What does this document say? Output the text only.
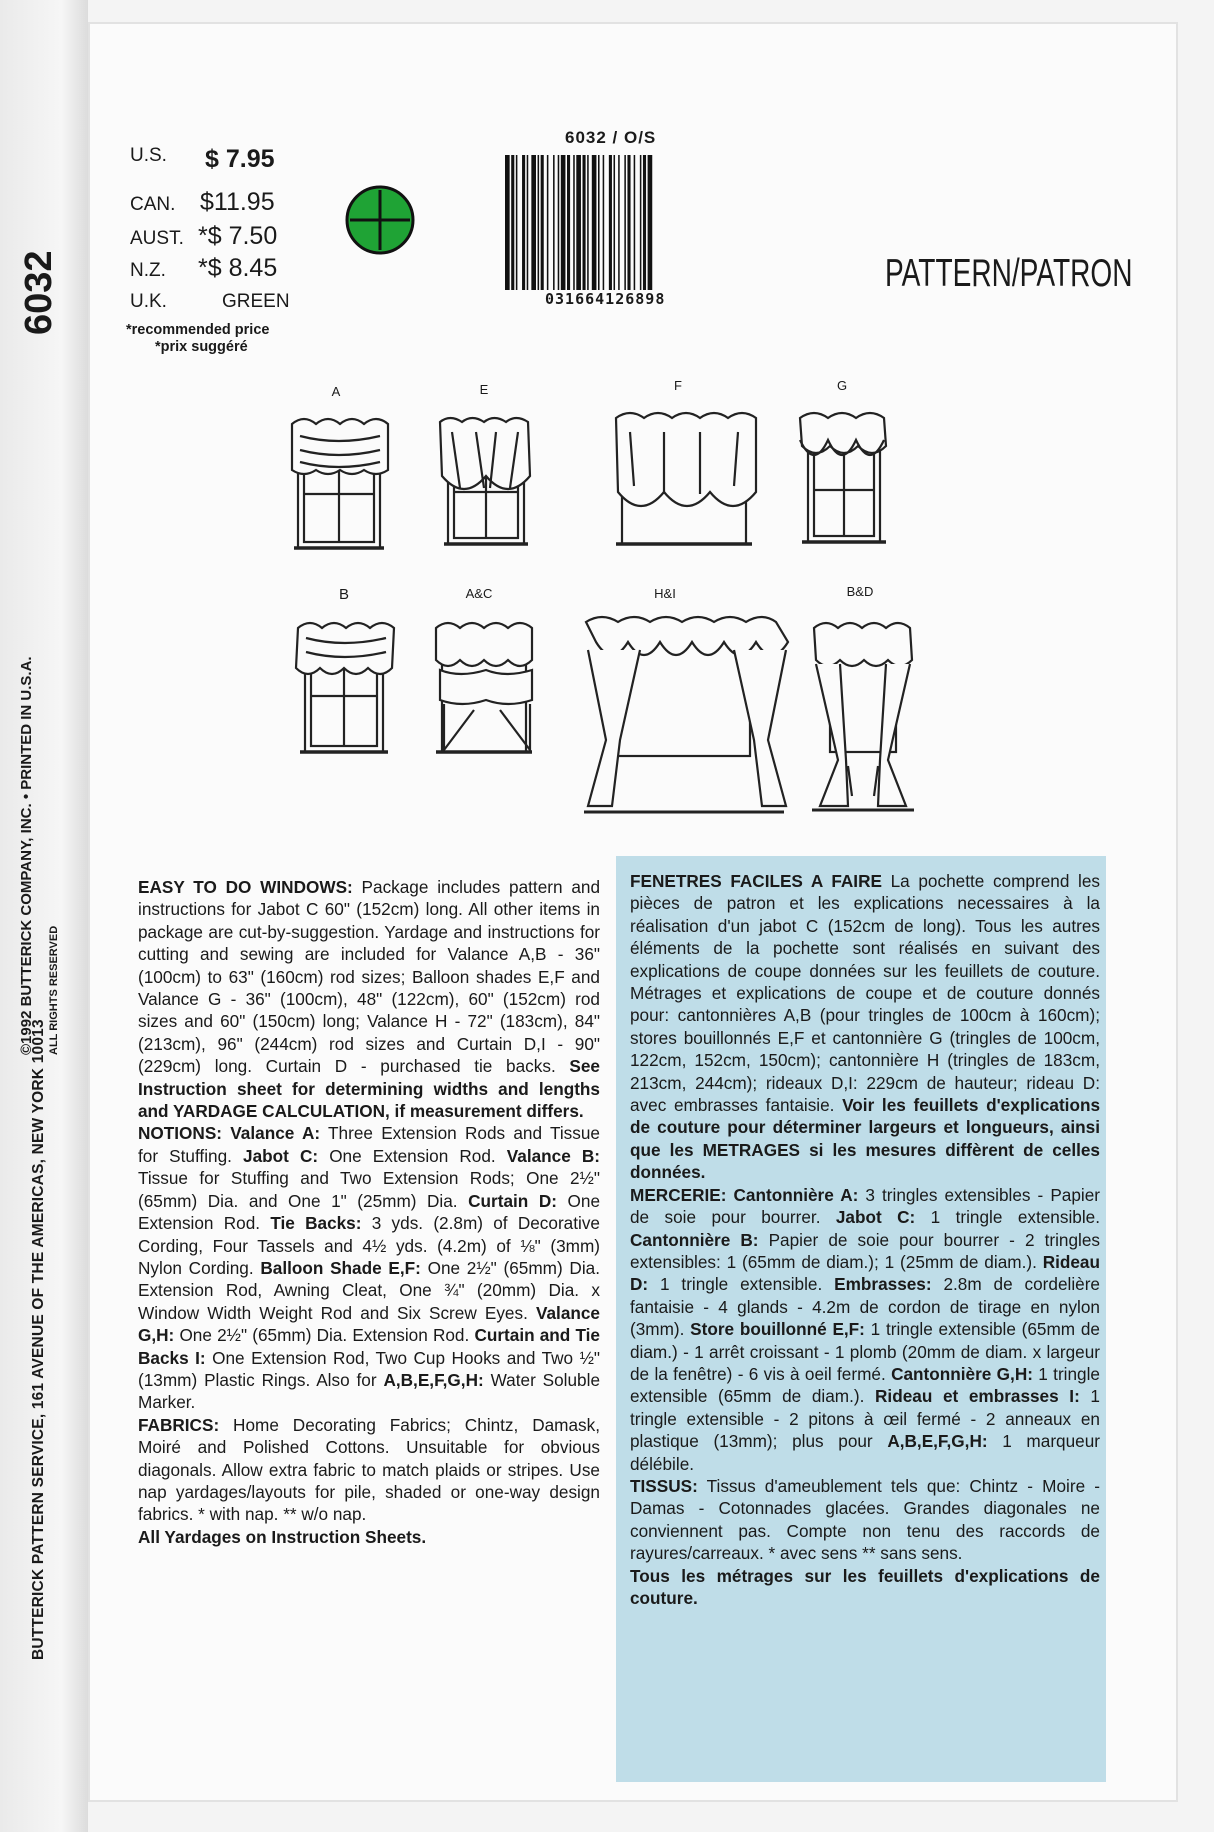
6032
©1992 BUTTERICK COMPANY, INC. • PRINTED IN U.S.A. ALL RIGHTS RESERVED
BUTTERICK PATTERN SERVICE, 161 AVENUE OF THE AMERICAS, NEW YORK 10013
U.S.	$ 7.95
CAN. $11.95
AUST. *$ 7.50
N.Z.	*$ 8.45
U.K.	GREEN
*recommended price
*prix suggéré
6032 / O/S
031664126898
PATTERN/PATRON
A	E	F	G
B	A&C	H&I	B&D
EASY TO DO WINDOWS: Package includes pattern and instructions for Jabot C 60" (152cm) long. All other items in package are cut-by-suggestion. Yardage and instructions for cutting and sewing are included for Valance A,B - 36" (100cm) to 63" (160cm) rod sizes; Balloon shades E,F and Valance G - 36" (100cm), 48" (122cm), 60" (152cm) rod sizes and 60" (150cm) long; Valance H - 72" (183cm), 84" (213cm), 96" (244cm) rod sizes and Curtain D,I - 90" (229cm) long. Curtain D - purchased tie backs. See Instruction sheet for determining widths and lengths and YARDAGE CALCULATION, if measurement differs.
NOTIONS: Valance A: Three Extension Rods and Tissue for Stuffing. Jabot C: One Extension Rod. Valance B: Tissue for Stuffing and Two Extension Rods; One 2½" (65mm) Dia. and One 1" (25mm) Dia. Curtain D: One Extension Rod. Tie Backs: 3 yds. (2.8m) of Decorative Cording, Four Tassels and 4½ yds. (4.2m) of ⅛" (3mm) Nylon Cording. Balloon Shade E,F: One 2½" (65mm) Dia. Extension Rod, Awning Cleat, One ¾" (20mm) Dia. x Window Width Weight Rod and Six Screw Eyes. Valance G,H: One 2½" (65mm) Dia. Extension Rod. Curtain and Tie Backs I: One Extension Rod, Two Cup Hooks and Two ½" (13mm) Plastic Rings. Also for A,B,E,F,G,H: Water Soluble Marker.
FABRICS: Home Decorating Fabrics; Chintz, Damask, Moiré and Polished Cottons. Unsuitable for obvious diagonals. Allow extra fabric to match plaids or stripes. Use nap yardages/layouts for pile, shaded or one-way design fabrics. * with nap. ** w/o nap.
All Yardages on Instruction Sheets.
FENETRES FACILES A FAIRE La pochette comprend les pièces de patron et les explications necessaires à la réalisation d'un jabot C (152cm de long). Tous les autres éléments de la pochette sont réalisés en suivant des explications de coupe données sur les feuillets de couture. Métrages et explications de coupe et de couture donnés pour: cantonnières A,B (pour tringles de 100cm à 160cm); stores bouillonnés E,F et cantonnière G (tringles de 100cm, 122cm, 152cm, 150cm); cantonnière H (tringles de 183cm, 213cm, 244cm); rideaux D,I: 229cm de hauteur; rideau D: avec embrasses fantaisie. Voir les feuillets d'explications de couture pour déterminer largeurs et longueurs, ainsi que les METRAGES si les mesures diffèrent de celles données.
MERCERIE: Cantonnière A: 3 tringles extensibles - Papier de soie pour bourrer. Jabot C: 1 tringle extensible. Cantonnière B: Papier de soie pour bourrer - 2 tringles extensibles: 1 (65mm de diam.); 1 (25mm de diam.). Rideau D: 1 tringle extensible. Embrasses: 2.8m de cordelière fantaisie - 4 glands - 4.2m de cordon de tirage en nylon (3mm). Store bouillonné E,F: 1 tringle extensible (65mm de diam.) - 1 arrêt croissant - 1 plomb (20mm de diam. x largeur de la fenêtre) - 6 vis à oeil fermé. Cantonnière G,H: 1 tringle extensible (65mm de diam.). Rideau et embrasses I: 1 tringle extensible - 2 pitons à œil fermé - 2 anneaux en plastique (13mm); plus pour A,B,E,F,G,H: 1 marqueur délébile.
TISSUS: Tissus d'ameublement tels que: Chintz - Moire - Damas - Cotonnades glacées. Grandes diagonales ne conviennent pas. Compte non tenu des raccords de rayures/carreaux. * avec sens ** sans sens.
Tous les métrages sur les feuillets d'explications de couture.
